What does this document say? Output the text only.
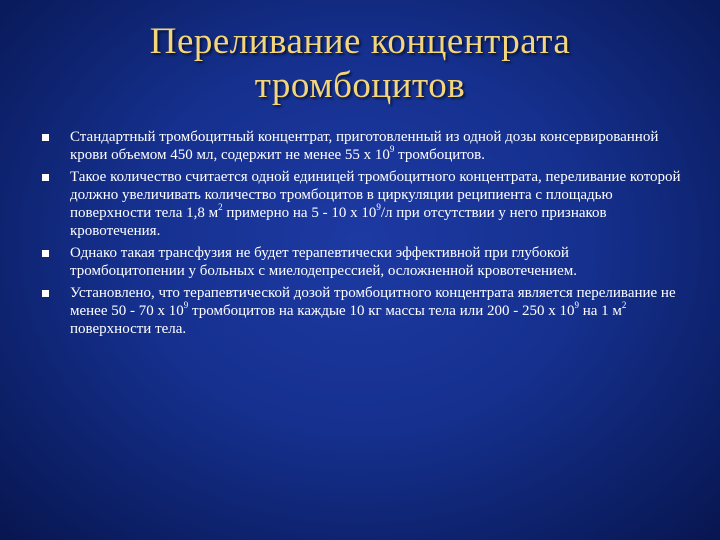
Переливание концентрата
тромбоцитов
Стандартный тромбоцитный концентрат, приготовленный из одной дозы консервированной крови объемом 450 мл, содержит не менее 55 х $10^9$ тромбоцитов.
Такое количество считается одной единицей тромбоцитного концентрата, переливание которой должно увеличивать количество тромбоцитов в циркуляции реципиента с площадью поверхности тела 1,8 $м^2$ примерно на 5 - 10 х $10^9/л$ при отсутствии у него признаков кровотечения.
Однако такая трансфузия не будет терапевтически эффективной при глубокой тромбоцитопении у больных с миелодепрессией, осложненной кровотечением.
Установлено, что терапевтической дозой тромбоцитного концентрата является переливание не менее 50 - 70 х $10^9$ тромбоцитов на каждые 10 кг массы тела или 200 - 250 х $10^9$ на 1 $м^2$ поверхности тела.
